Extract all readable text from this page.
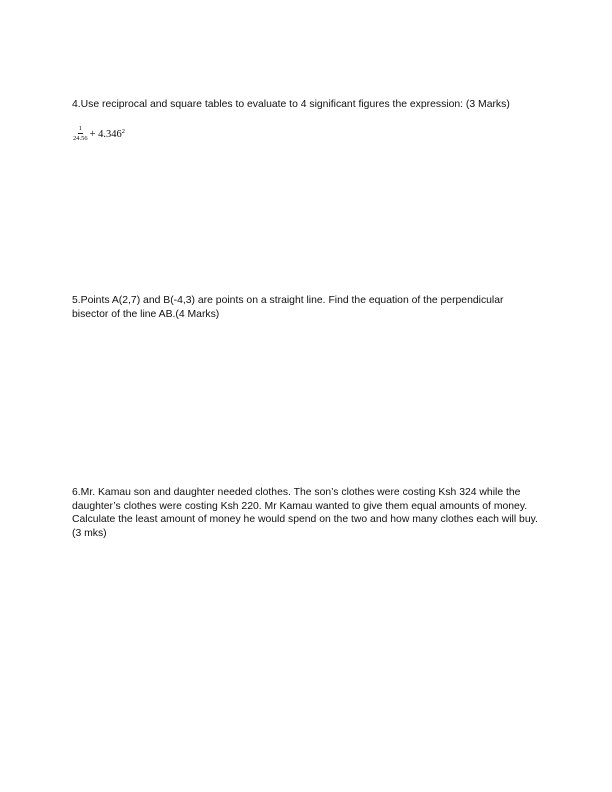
4.Use reciprocal and square tables to evaluate to 4 significant figures the expression: (3 Marks)
$\frac{1}{24.56} + 4.346^2$
5.Points A(2,7) and B(-4,3) are points on a straight line. Find the equation of the perpendicular bisector of the line AB.(4 Marks)
6.Mr. Kamau son and daughter needed clothes. The son’s clothes were costing Ksh 324 while the daughter’s clothes were costing Ksh 220. Mr Kamau wanted to give them equal amounts of money. Calculate the least amount of money he would spend on the two and how many clothes each will buy. (3 mks)
